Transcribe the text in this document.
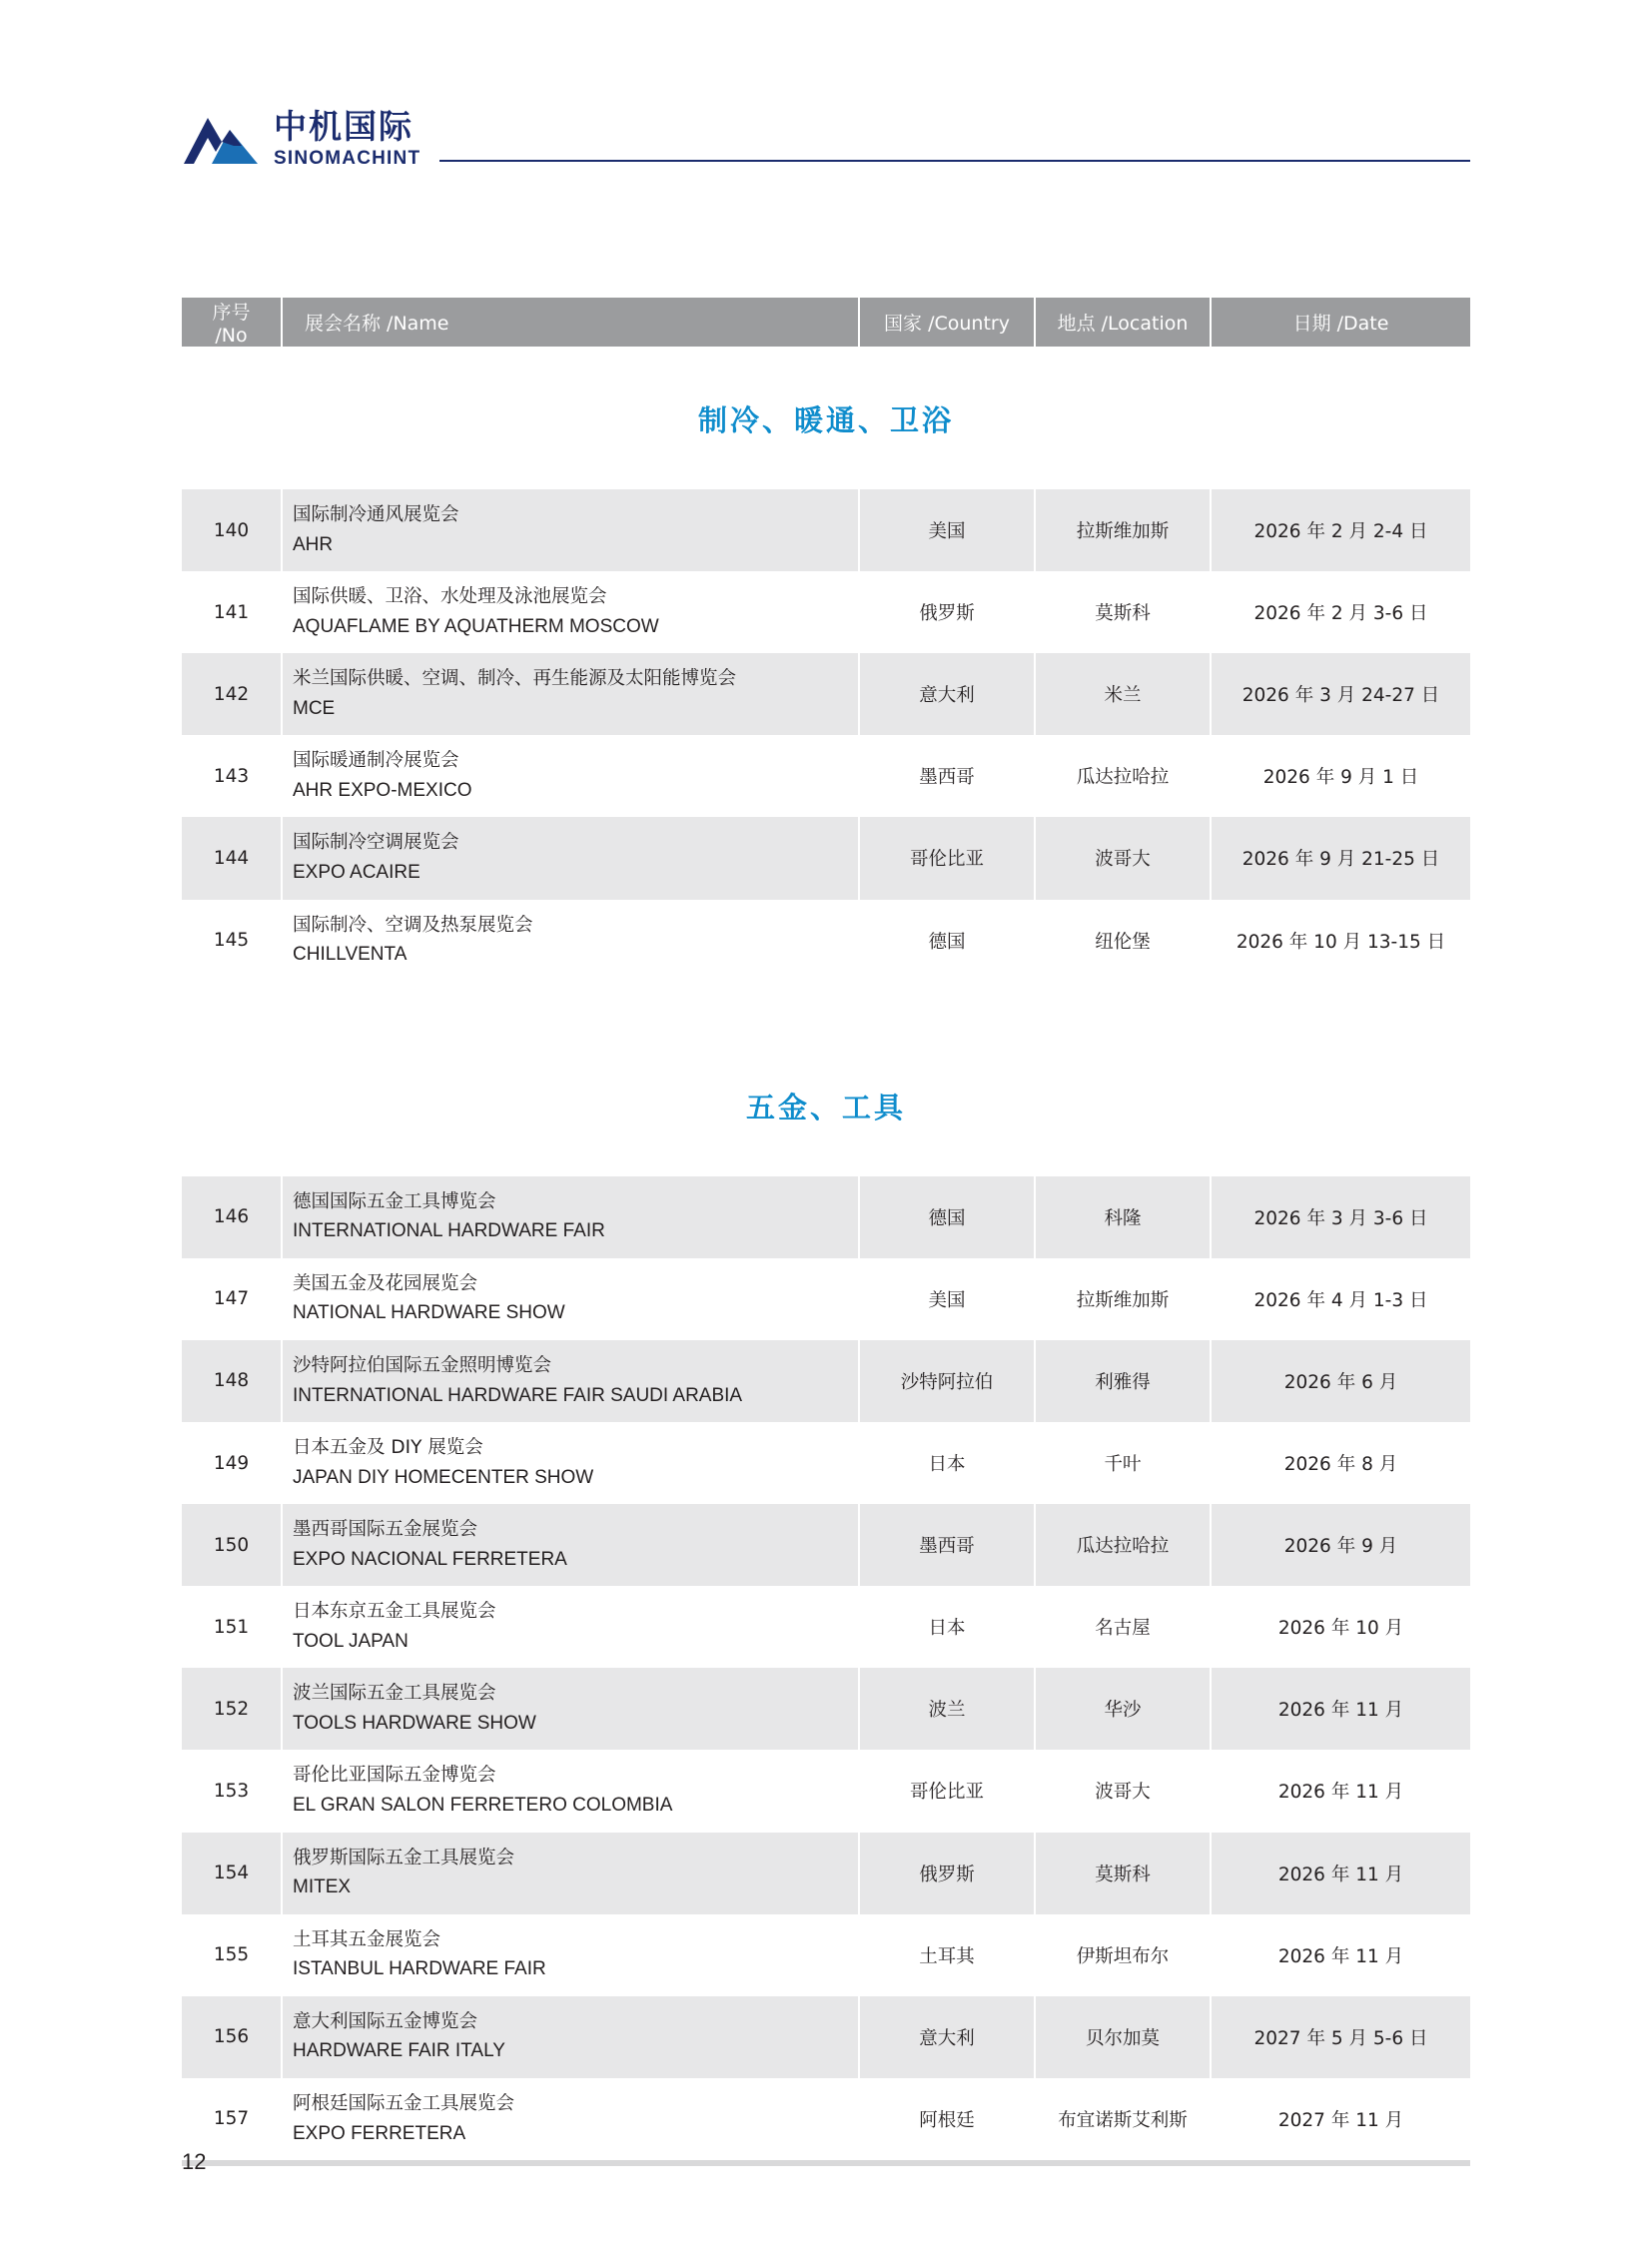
中机国际
SINOMACHINT
序号 /No	展会名称 /Name	国家 /Country	地点 /Location	日期 /Date

制冷、暖通、卫浴				

140	国际制冷通风展览会
AHR	美国	拉斯维加斯	2026 年 2 月 2-4 日
141	国际供暖、卫浴、水处理及泳池展览会
AQUAFLAME BY AQUATHERM MOSCOW	俄罗斯	莫斯科	2026 年 2 月 3-6 日
142	米兰国际供暖、空调、制冷、再生能源及太阳能博览会
MCE	意大利	米兰	2026 年 3 月 24-27 日
143	国际暖通制冷展览会
AHR EXPO-MEXICO	墨西哥	瓜达拉哈拉	2026 年 9 月 1 日
144	国际制冷空调展览会
EXPO ACAIRE	哥伦比亚	波哥大	2026 年 9 月 21-25 日
145	国际制冷、空调及热泵展览会
CHILLVENTA	德国	纽伦堡	2026 年 10 月 13-15 日

五金、工具				

146	德国国际五金工具博览会
INTERNATIONAL HARDWARE FAIR	德国	科隆	2026 年 3 月 3-6 日
147	美国五金及花园展览会
NATIONAL HARDWARE SHOW	美国	拉斯维加斯	2026 年 4 月 1-3 日
148	沙特阿拉伯国际五金照明博览会
INTERNATIONAL HARDWARE FAIR SAUDI ARABIA	沙特阿拉伯	利雅得	2026 年 6 月
149	日本五金及 DIY 展览会
JAPAN DIY HOMECENTER SHOW	日本	千叶	2026 年 8 月
150	墨西哥国际五金展览会
EXPO NACIONAL FERRETERA	墨西哥	瓜达拉哈拉	2026 年 9 月
151	日本东京五金工具展览会
TOOL JAPAN	日本	名古屋	2026 年 10 月
152	波兰国际五金工具展览会
TOOLS HARDWARE SHOW	波兰	华沙	2026 年 11 月
153	哥伦比亚国际五金博览会
EL GRAN SALON FERRETERO COLOMBIA	哥伦比亚	波哥大	2026 年 11 月
154	俄罗斯国际五金工具展览会
MITEX	俄罗斯	莫斯科	2026 年 11 月
155	土耳其五金展览会
ISTANBUL HARDWARE FAIR	土耳其	伊斯坦布尔	2026 年 11 月
156	意大利国际五金博览会
HARDWARE FAIR ITALY	意大利	贝尔加莫	2027 年 5 月 5-6 日
157	阿根廷国际五金工具展览会
EXPO FERRETERA	阿根廷	布宜诺斯艾利斯	2027 年 11 月

12
